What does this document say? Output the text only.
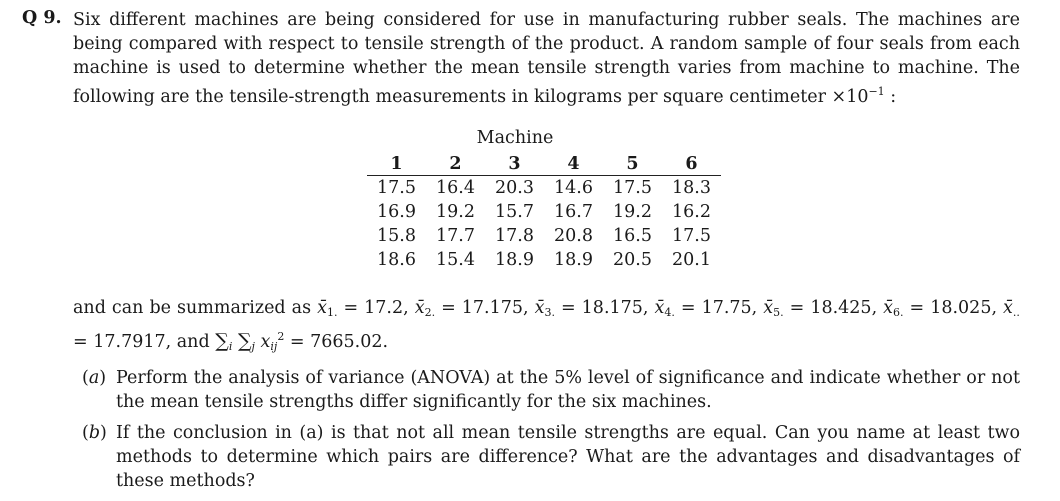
Q 9. Six different machines are being considered for use in manufacturing rubber seals. The machines are being compared with respect to tensile strength of the product. A random sample of four seals from each machine is used to determine whether the mean tensile strength varies from machine to machine. The following are the tensile-strength measurements in kilograms per square centimeter $\times 10^{-1}$ :
Machine
1	2	3	4	5	6
17.5	16.4	20.3	14.6	17.5	18.3
16.9	19.2	15.7	16.7	19.2	16.2
15.8	17.7	17.8	20.8	16.5	17.5
18.6	15.4	18.9	18.9	20.5	20.1
and can be summarized as $x̄_{1.} = 17.2$, $x̄_{2.} = 17.175$, $x̄_{3.} = 18.175$, $x̄_{4.} = 17.75$, $x̄_{5.} = 18.425$, $x̄_{6.} = 18.025$, $x̄_{..} = 17.7917$, and $\sum_i$ $\sum_j$ $x_{ij}^2 = 7665.02$.
(a) Perform the analysis of variance (ANOVA) at the 5% level of significance and indicate whether or not the mean tensile strengths differ significantly for the six machines.
(b) If the conclusion in (a) is that not all mean tensile strengths are equal. Can you name at least two methods to determine which pairs are difference? What are the advantages and disadvantages of these methods?
